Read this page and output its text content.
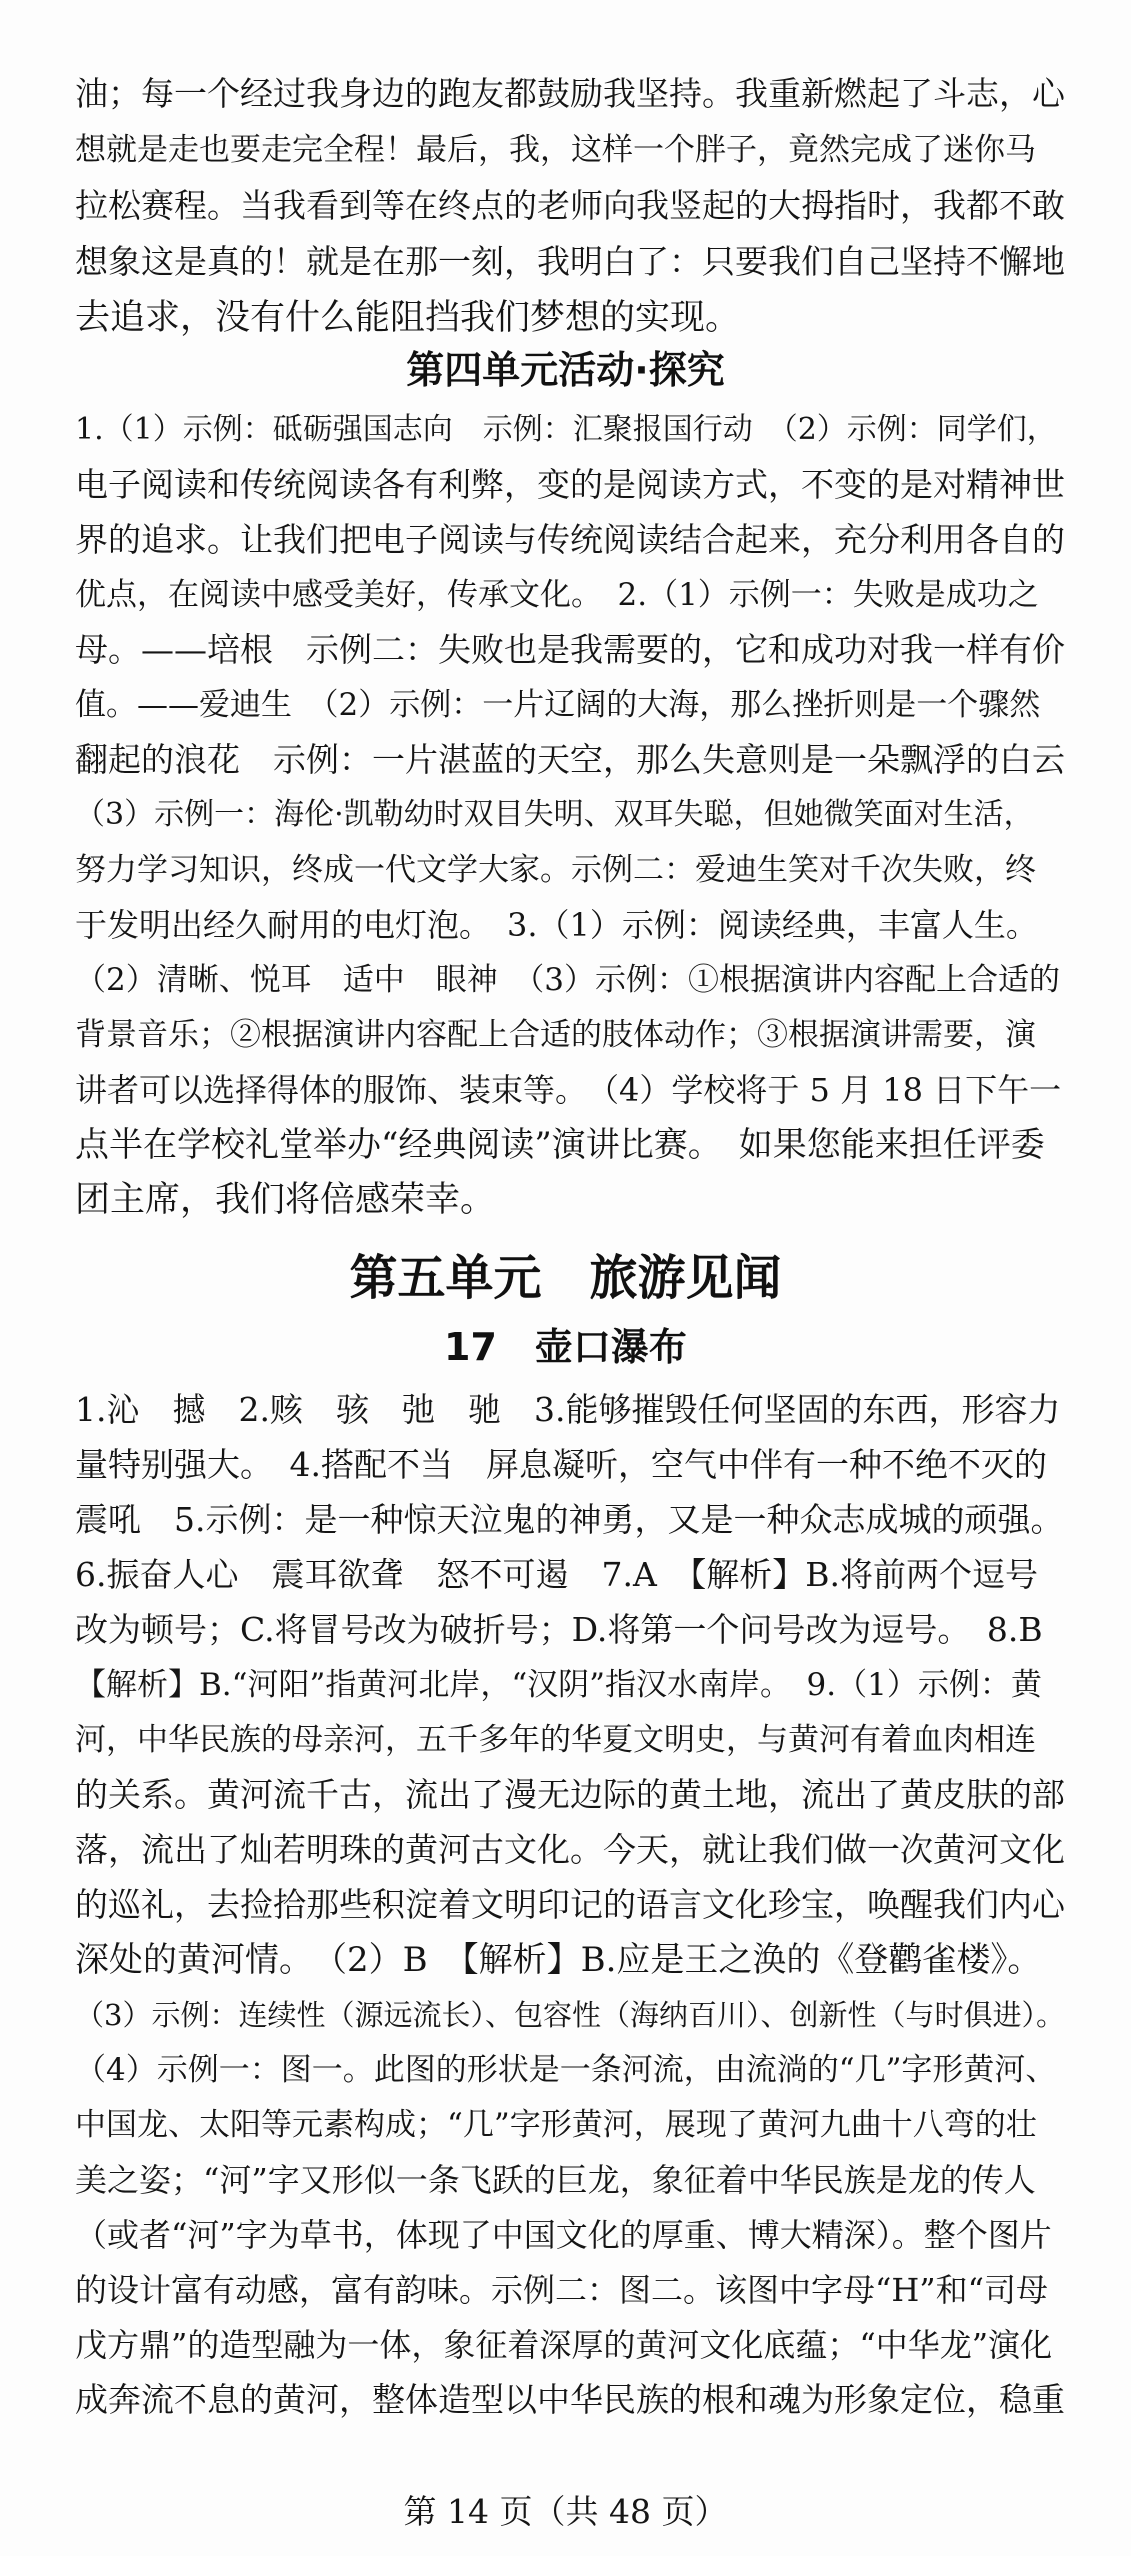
油；每一个经过我身边的跑友都鼓励我坚持。我重新燃起了斗志，心
想就是走也要走完全程！最后，我，这样一个胖子，竟然完成了迷你马
拉松赛程。当我看到等在终点的老师向我竖起的大拇指时，我都不敢
想象这是真的！就是在那一刻，我明白了：只要我们自己坚持不懈地
去追求，没有什么能阻挡我们梦想的实现。
第四单元活动·探究
1.（1）示例：砥砺强国志向　示例：汇聚报国行动　（2）示例：同学们，
电子阅读和传统阅读各有利弊，变的是阅读方式，不变的是对精神世
界的追求。让我们把电子阅读与传统阅读结合起来，充分利用各自的
优点，在阅读中感受美好，传承文化。　2.（1）示例一：失败是成功之
母。——培根　示例二：失败也是我需要的，它和成功对我一样有价
值。——爱迪生　（2）示例：一片辽阔的大海，那么挫折则是一个骤然
翻起的浪花　示例：一片湛蓝的天空，那么失意则是一朵飘浮的白云
（3）示例一：海伦·凯勒幼时双目失明、双耳失聪，但她微笑面对生活，
努力学习知识，终成一代文学大家。示例二：爱迪生笑对千次失败，终
于发明出经久耐用的电灯泡。　3.（1）示例：阅读经典，丰富人生。
（2）清晰、悦耳　适中　眼神　（3）示例：①根据演讲内容配上合适的
背景音乐；②根据演讲内容配上合适的肢体动作；③根据演讲需要，演
讲者可以选择得体的服饰、装束等。　（4）学校将于 5 月 18 日下午一
点半在学校礼堂举办“经典阅读”演讲比赛。　如果您能来担任评委
团主席，我们将倍感荣幸。
第五单元　旅游见闻
17　壶口瀑布
1.沁　撼　2.赅　骇　弛　驰　3.能够摧毁任何坚固的东西，形容力
量特别强大。　4.搭配不当　屏息凝听，空气中伴有一种不绝不灭的
震吼　5.示例：是一种惊天泣鬼的神勇，又是一种众志成城的顽强。
6.振奋人心　震耳欲聋　怒不可遏　7.A　【解析】B.将前两个逗号
改为顿号；C.将冒号改为破折号；D.将第一个问号改为逗号。　8.B
【解析】B.“河阳”指黄河北岸，“汉阴”指汉水南岸。　9.（1）示例：黄
河，中华民族的母亲河，五千多年的华夏文明史，与黄河有着血肉相连
的关系。黄河流千古，流出了漫无边际的黄土地，流出了黄皮肤的部
落，流出了灿若明珠的黄河古文化。今天，就让我们做一次黄河文化
的巡礼，去捡拾那些积淀着文明印记的语言文化珍宝，唤醒我们内心
深处的黄河情。　（2）B　【解析】B.应是王之涣的《登鹳雀楼》。
（3）示例：连续性（源远流长）、包容性（海纳百川）、创新性（与时俱进）。
（4）示例一：图一。此图的形状是一条河流，由流淌的“几”字形黄河、
中国龙、太阳等元素构成；“几”字形黄河，展现了黄河九曲十八弯的壮
美之姿；“河”字又形似一条飞跃的巨龙，象征着中华民族是龙的传人
（或者“河”字为草书，体现了中国文化的厚重、博大精深）。整个图片
的设计富有动感，富有韵味。示例二：图二。该图中字母“H”和“司母
戊方鼎”的造型融为一体，象征着深厚的黄河文化底蕴；“中华龙”演化
成奔流不息的黄河，整体造型以中华民族的根和魂为形象定位，稳重
第 14 页（共 48 页）
